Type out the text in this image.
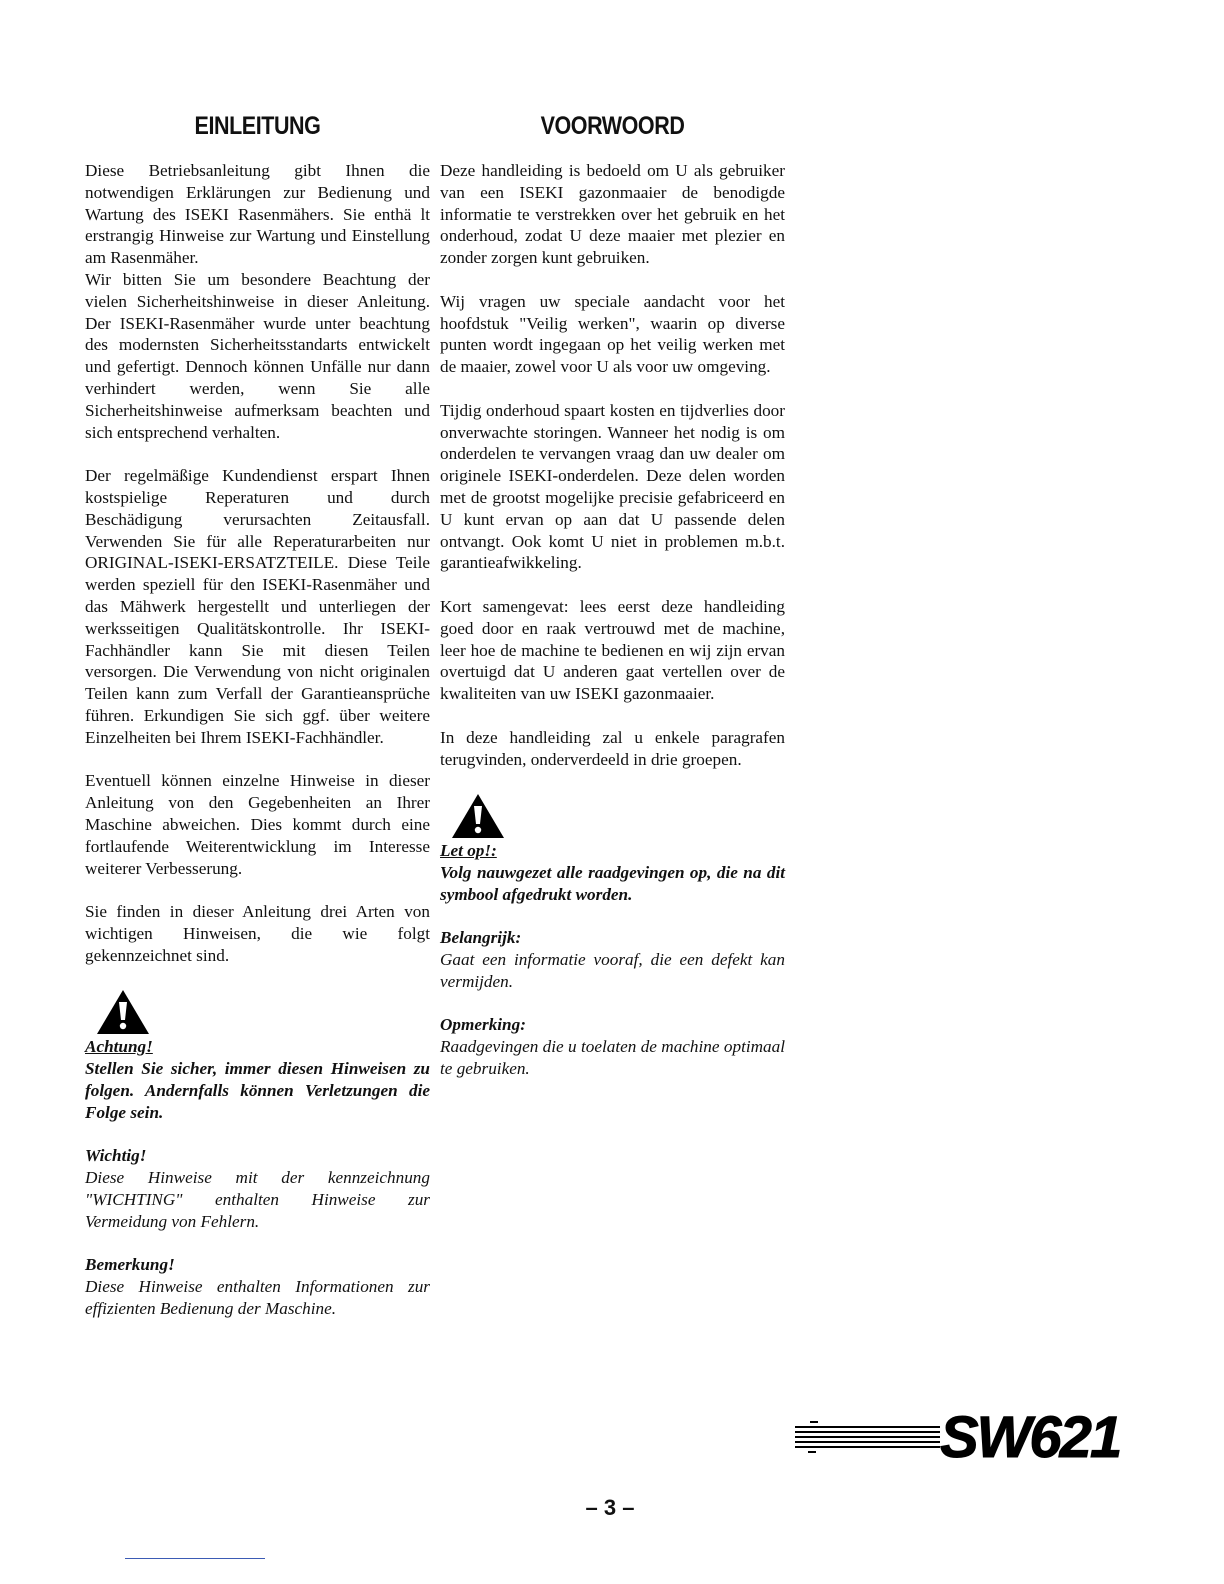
EINLEITUNG	VOORWOORD

Diese Betriebsanleitung gibt Ihnen die notwendigen Erklärungen zur Bedienung und Wartung des ISEKI Rasenmähers. Sie enthä lt erstrangig Hinweise zur Wartung und Einstellung am Rasenmäher.

Wir bitten Sie um besondere Beachtung der vielen Sicherheitshinweise in dieser Anleitung. Der ISEKI-Rasenmäher wurde unter beachtung des modernsten Sicherheitsstandarts entwickelt und gefertigt. Dennoch können Unfälle nur dann verhindert werden, wenn Sie alle Sicherheitshinweise aufmerksam beachten und sich entsprechend verhalten.

Der regelmäßige Kundendienst erspart Ihnen kostspielige Reperaturen und durch Beschädigung verursachten Zeitausfall. Verwenden Sie für alle Reperaturarbeiten nur ORIGINAL-ISEKI-ERSATZTEILE. Diese Teile werden speziell für den ISEKI-Rasenmäher und das Mähwerk hergestellt und unterliegen der werksseitigen Qualitätskontrolle. Ihr ISEKI-Fachhändler kann Sie mit diesen Teilen versorgen. Die Verwendung von nicht originalen Teilen kann zum Verfall der Garantieansprüche führen. Erkundigen Sie sich ggf. über weitere Einzelheiten bei Ihrem ISEKI-Fachhändler.

Eventuell können einzelne Hinweise in dieser Anleitung von den Gegebenheiten an Ihrer Maschine abweichen. Dies kommt durch eine fortlaufende Weiterentwicklung im Interesse weiterer Verbesserung.

Sie finden in dieser Anleitung drei Arten von wichtigen Hinweisen, die wie folgt gekennzeichnet sind.

Achtung!
Stellen Sie sicher, immer diesen Hinweisen zu folgen. Andernfalls können Verletzungen die Folge sein.
Wichtig!
Diese Hinweise mit der kennzeichnung "WICHTING" enthalten Hinweise zur Vermeidung von Fehlern.
Bemerkung!
Diese Hinweise enthalten Informationen zur effizienten Bedienung der Maschine.

Deze handleiding is bedoeld om U als gebruiker van een ISEKI gazonmaaier de benodigde informatie te verstrekken over het gebruik en het onderhoud, zodat U deze maaier met plezier en zonder zorgen kunt gebruiken.

Wij vragen uw speciale aandacht voor het hoofdstuk "Veilig werken", waarin op diverse punten wordt ingegaan op het veilig werken met de maaier, zowel voor U als voor uw omgeving.

Tijdig onderhoud spaart kosten en tijdverlies door onverwachte storingen. Wanneer het nodig is om onderdelen te vervangen vraag dan uw dealer om originele ISEKI-onderdelen. Deze delen worden met de grootst mogelijke precisie gefabriceerd en U kunt ervan op aan dat U passende delen ontvangt. Ook komt U niet in problemen m.b.t. garantieafwikkeling.

Kort samengevat: lees eerst deze handleiding goed door en raak vertrouwd met de machine, leer hoe de machine te bedienen en wij zijn ervan overtuigd dat U anderen gaat vertellen over de kwaliteiten van uw ISEKI gazonmaaier.

In deze handleiding zal u enkele paragrafen terugvinden, onderverdeeld in drie groepen.

Let op!:
Volg nauwgezet alle raadgevingen op, die na dit symbool afgedrukt worden.
Belangrijk:
Gaat een informatie vooraf, die een defekt kan vermijden.
Opmerking:
Raadgevingen die u toelaten de machine optimaal te gebruiken.
SW621
– 3 –
